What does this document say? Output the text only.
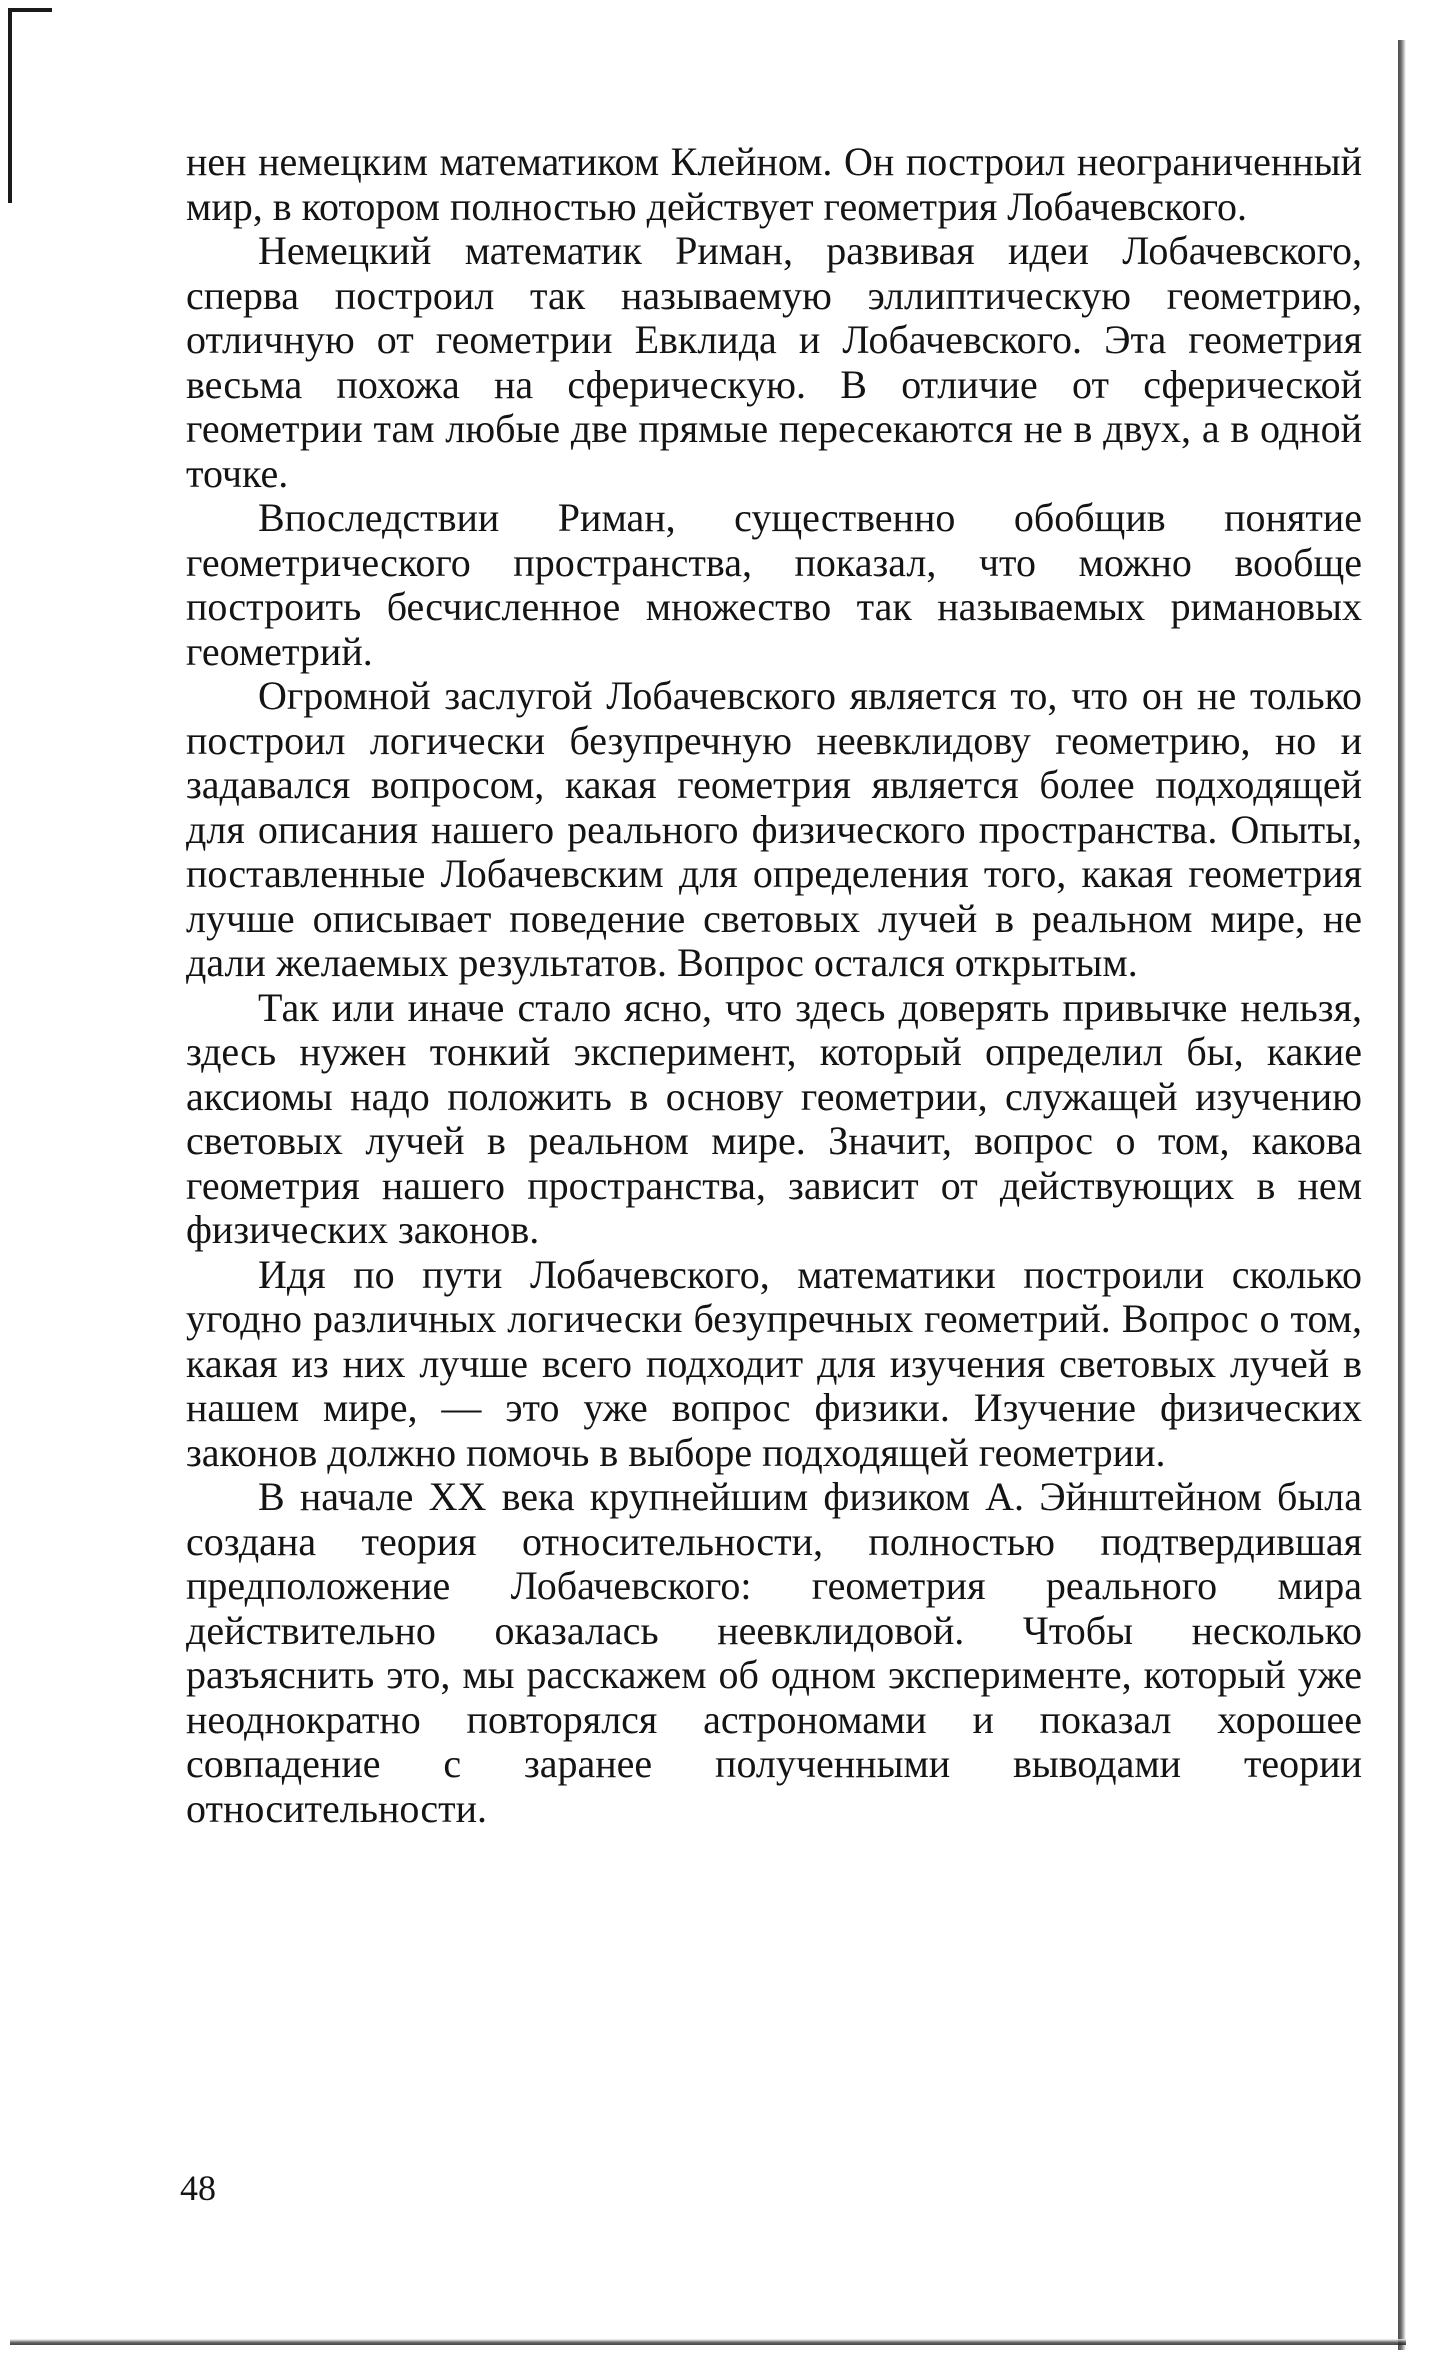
нен немецким математиком Клейном. Он построил неограниченный мир, в котором полностью действует геометрия Лобачевского.

Немецкий математик Риман, развивая идеи Лобачевского, сперва построил так называемую эллиптическую геометрию, отличную от геометрии Евклида и Лобачевского. Эта геометрия весьма похожа на сферическую. В отличие от сферической геометрии там любые две прямые пересекаются не в двух, а в одной точке.

Впоследствии Риман, существенно обобщив понятие геометрического пространства, показал, что можно вообще построить бесчисленное множество так называемых римановых геометрий.

Огромной заслугой Лобачевского является то, что он не только построил логически безупречную неевклидову геометрию, но и задавался вопросом, какая геометрия является более подходящей для описания нашего реального физического пространства. Опыты, поставленные Лобачевским для определения того, какая геометрия лучше описывает поведение световых лучей в реальном мире, не дали желаемых результатов. Вопрос остался открытым.

Так или иначе стало ясно, что здесь доверять привычке нельзя, здесь нужен тонкий эксперимент, который определил бы, какие аксиомы надо положить в основу геометрии, служащей изучению световых лучей в реальном мире. Значит, вопрос о том, какова геометрия нашего пространства, зависит от действующих в нем физических законов.

Идя по пути Лобачевского, математики построили сколько угодно различных логически безупречных геометрий. Вопрос о том, какая из них лучше всего подходит для изучения световых лучей в нашем мире, — это уже вопрос физики. Изучение физических законов должно помочь в выборе подходящей геометрии.

В начале XX века крупнейшим физиком А. Эйнштейном была создана теория относительности, полностью подтвердившая предположение Лобачевского: геометрия реального мира действительно оказалась неевклидовой. Чтобы несколько разъяснить это, мы расскажем об одном эксперименте, который уже неоднократно повторялся астрономами и показал хорошее совпадение с заранее полученными выводами теории относительности.

48
